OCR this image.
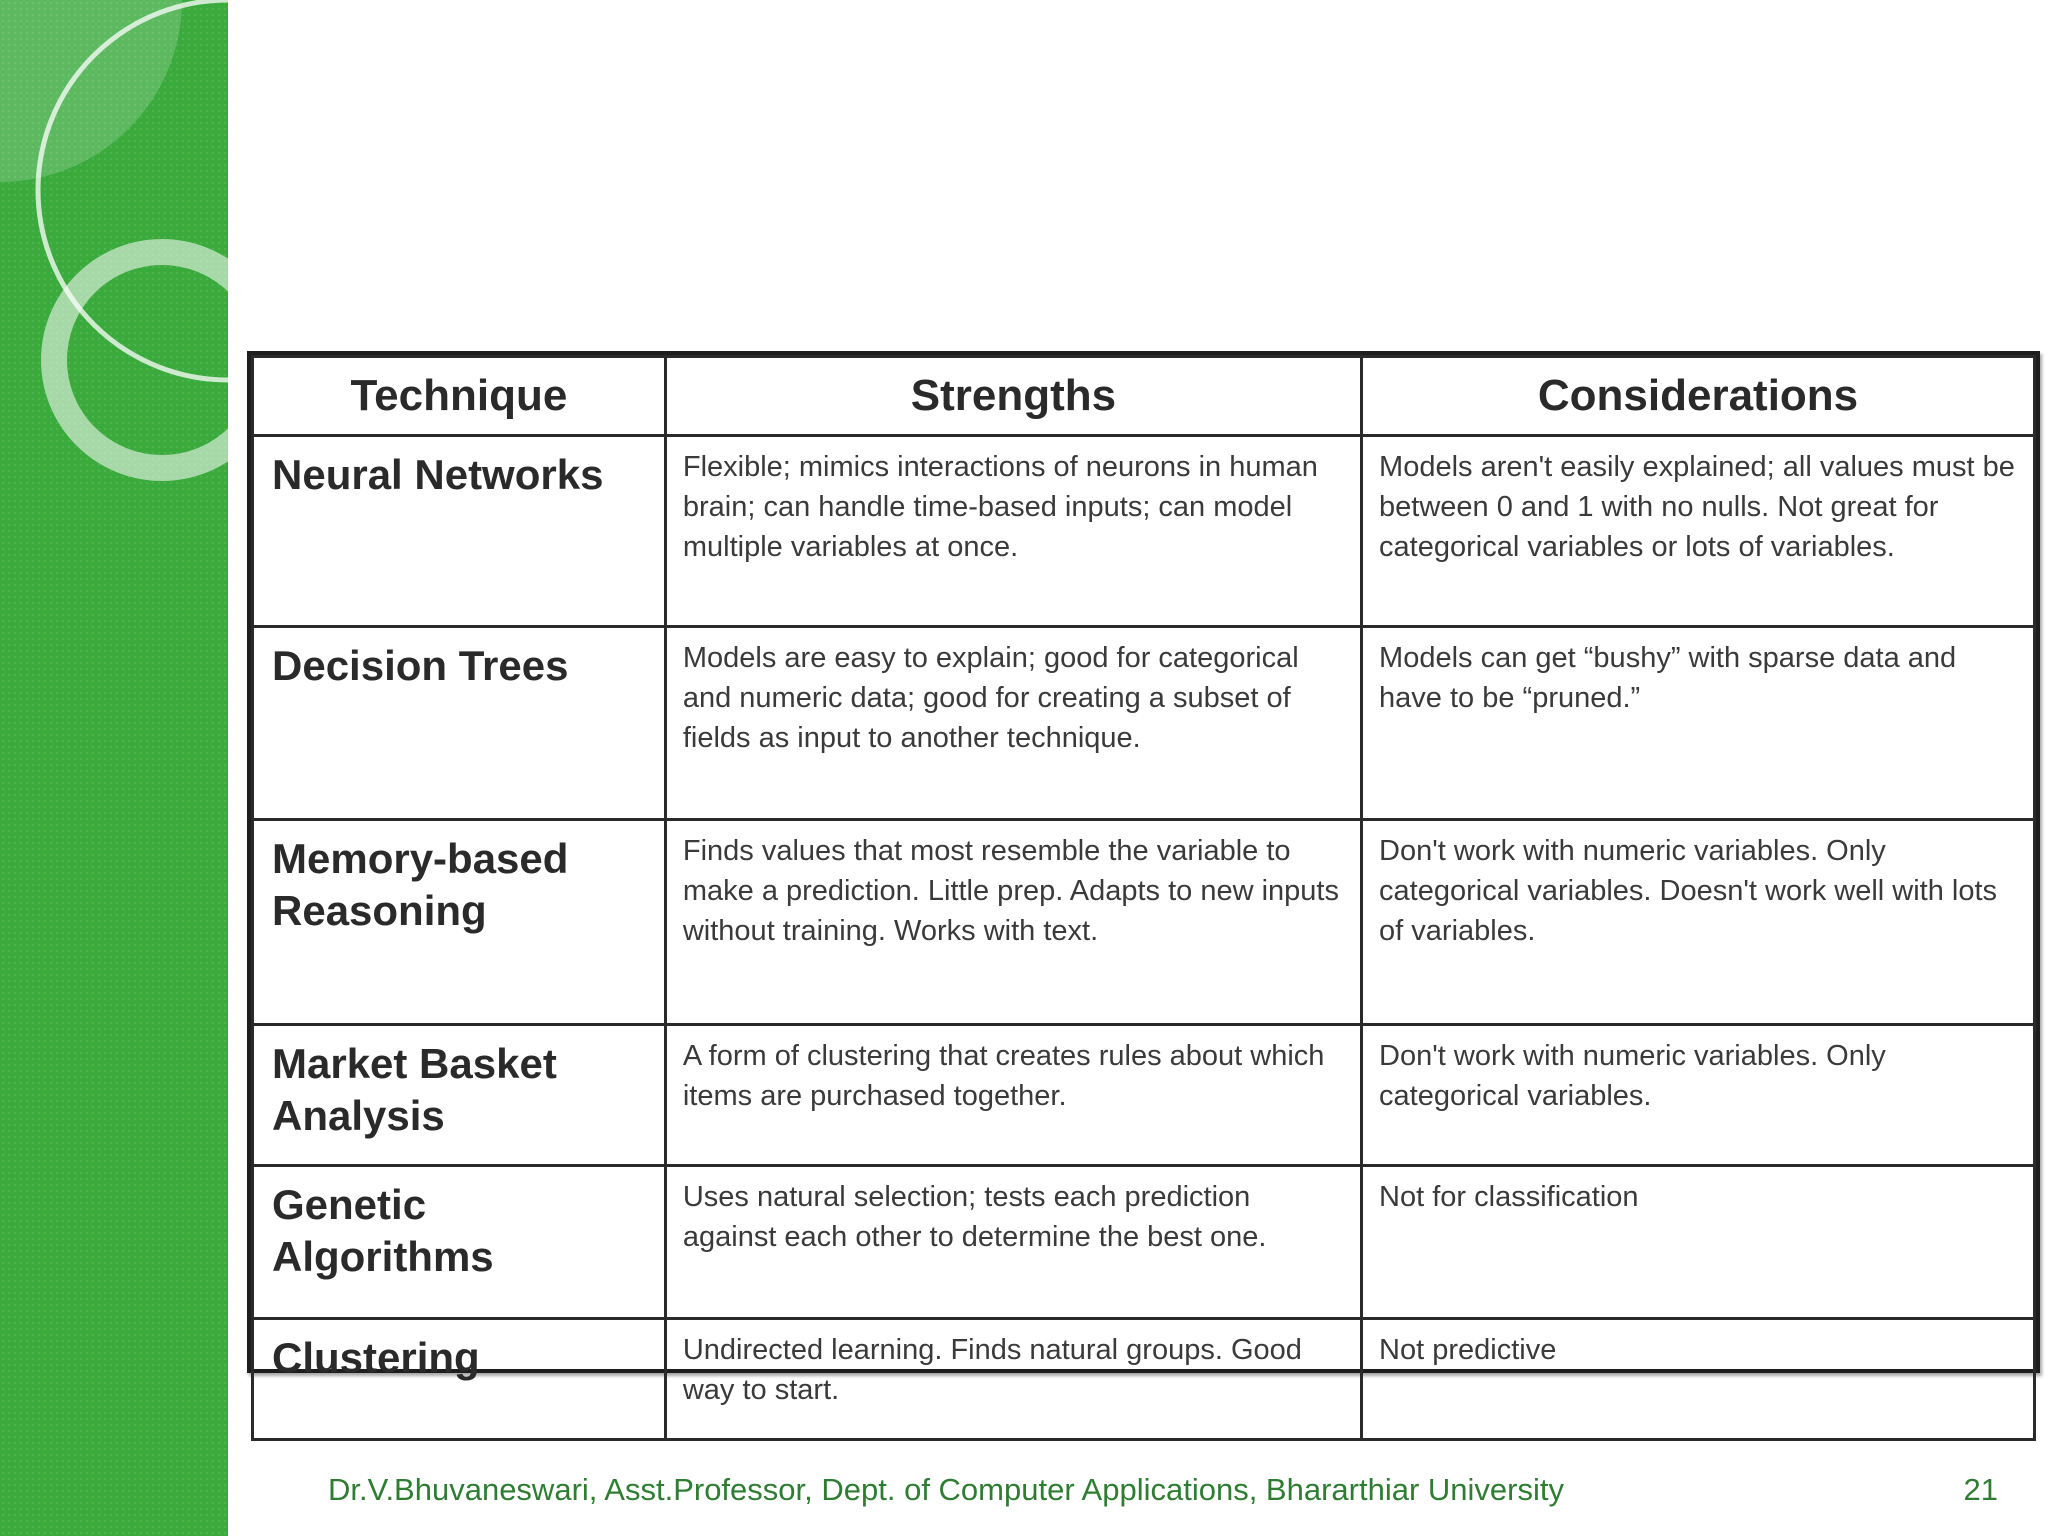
Technique	Strengths	Considerations
Neural Networks	Flexible; mimics interactions of neurons in human brain; can handle time-based inputs; can model multiple variables at once.	Models aren't easily explained; all values must be between 0 and 1 with no nulls. Not great for categorical variables or lots of variables.
Decision Trees	Models are easy to explain; good for categorical and numeric data; good for creating a subset of fields as input to another technique.	Models can get “bushy” with sparse data and have to be “pruned.”
Memory-based Reasoning	Finds values that most resemble the variable to make a prediction. Little prep. Adapts to new inputs without training. Works with text.	Don't work with numeric variables. Only categorical variables. Doesn't work well with lots of variables.
Market Basket Analysis	A form of clustering that creates rules about which items are purchased together.	Don't work with numeric variables. Only categorical variables.
Genetic Algorithms	Uses natural selection; tests each prediction against each other to determine the best one.	Not for classification
Clustering	Undirected learning. Finds natural groups. Good way to start.	Not predictive
Dr.V.Bhuvaneswari, Asst.Professor, Dept. of Computer Applications, Bhararthiar University	21
